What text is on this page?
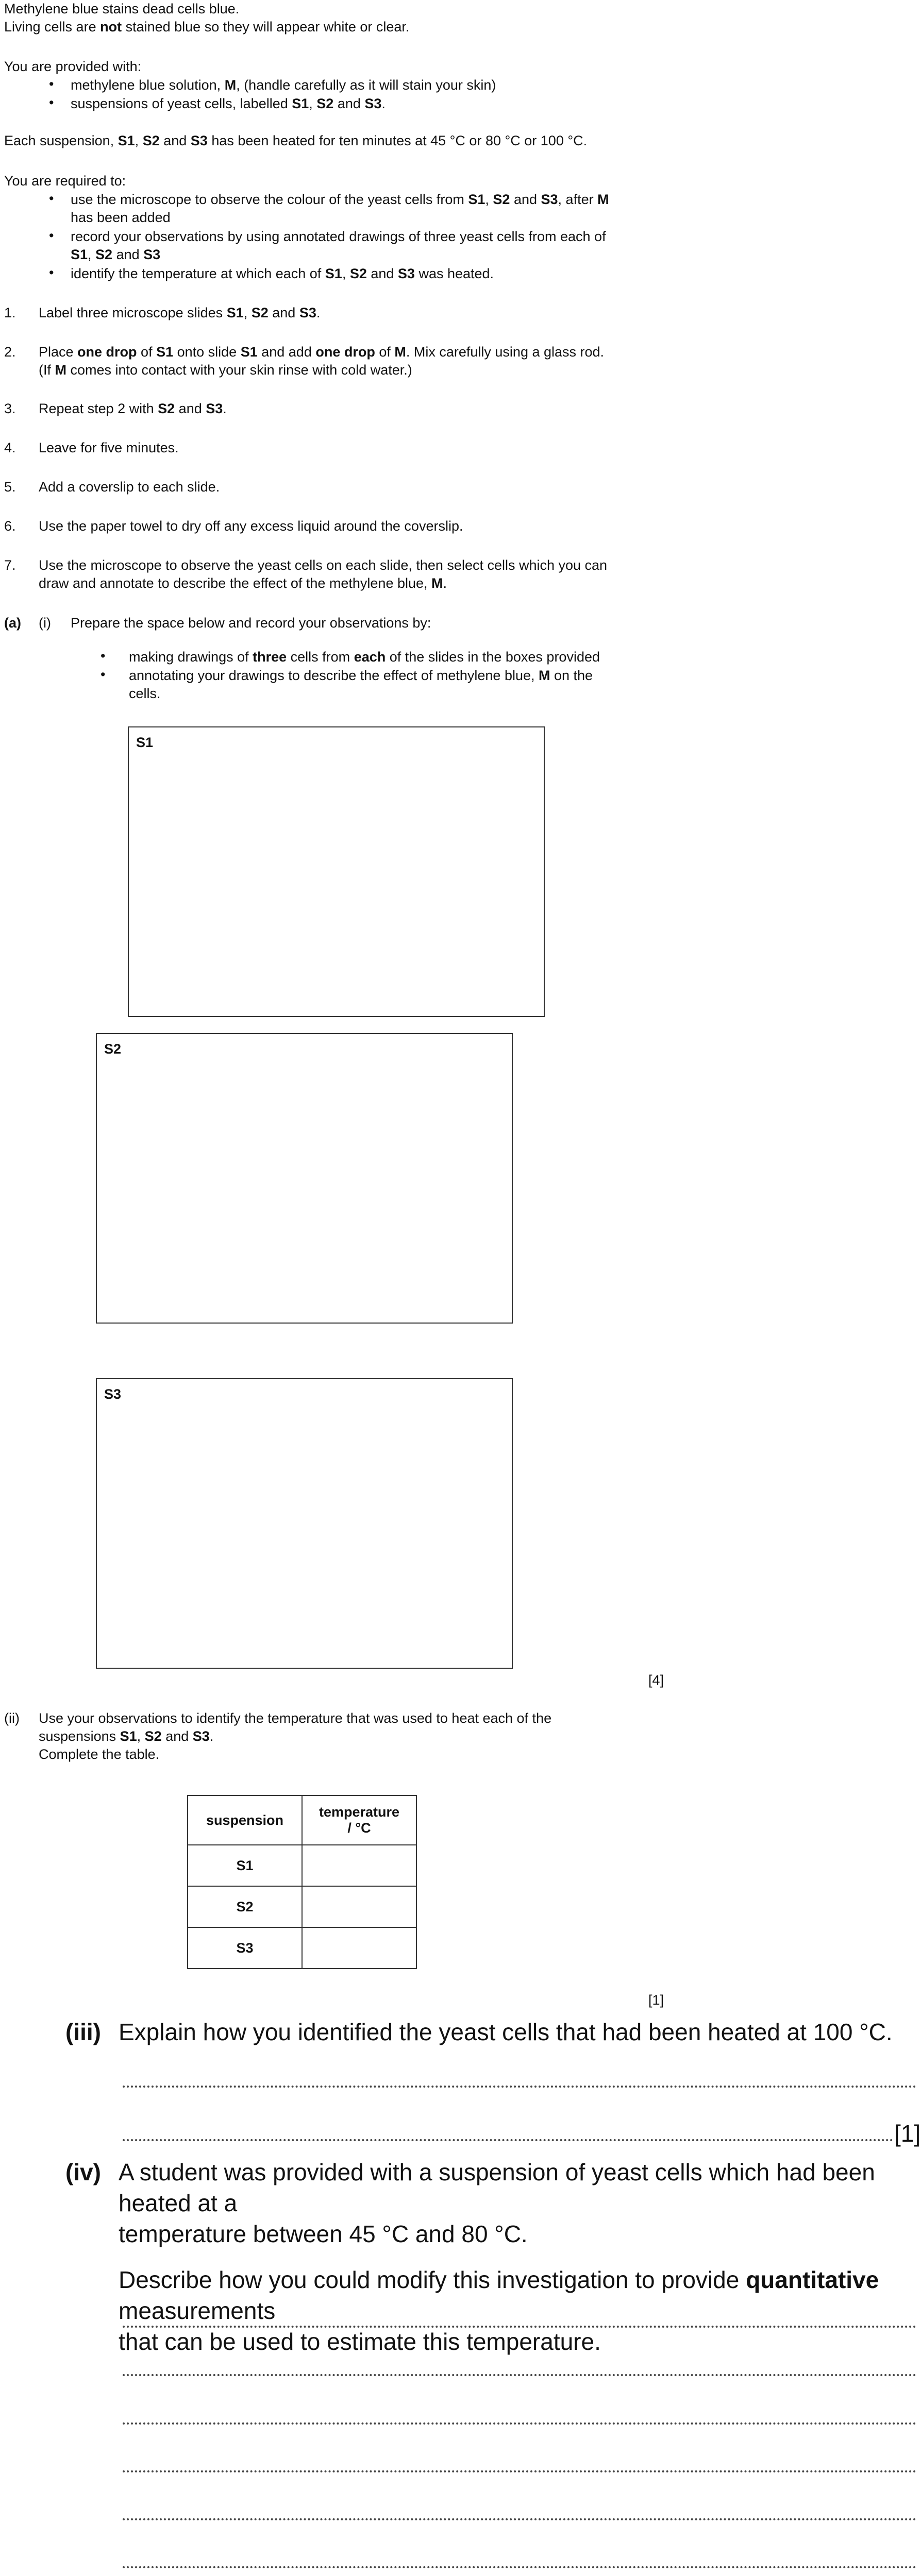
Methylene blue stains dead cells blue.
Living cells are not stained blue so they will appear white or clear.
You are provided with:
• methylene blue solution, M, (handle carefully as it will stain your skin)
• suspensions of yeast cells, labelled S1, S2 and S3.
Each suspension, S1, S2 and S3 has been heated for ten minutes at 45 °C or 80 °C or 100 °C.
You are required to:
• use the microscope to observe the colour of the yeast cells from S1, S2 and S3, after M
has been added
• record your observations by using annotated drawings of three yeast cells from each of
S1, S2 and S3
• identify the temperature at which each of S1, S2 and S3 was heated.
1. Label three microscope slides S1, S2 and S3.
2. Place one drop of S1 onto slide S1 and add one drop of M. Mix carefully using a glass rod.
(If M comes into contact with your skin rinse with cold water.)
3. Repeat step 2 with S2 and S3.
4. Leave for five minutes.
5. Add a coverslip to each slide.
6. Use the paper towel to dry off any excess liquid around the coverslip.
7. Use the microscope to observe the yeast cells on each slide, then select cells which you can
draw and annotate to describe the effect of the methylene blue, M.
(a) (i) Prepare the space below and record your observations by:
• making drawings of three cells from each of the slides in the boxes provided
• annotating your drawings to describe the effect of methylene blue, M on the
cells.
S1
S2
S3
[4]
(ii) Use your observations to identify the temperature that was used to heat each of the
suspensions S1, S2 and S3.
Complete the table.
suspension	temperature
/ °C

S1	
S2	
S3	
[1]
(iii) Explain how you identified the yeast cells that had been heated at 100 °C.
[1]
(iv) A student was provided with a suspension of yeast cells which had been heated at a
temperature between 45 °C and 80 °C.
Describe how you could modify this investigation to provide quantitative measurements
that can be used to estimate this temperature.
